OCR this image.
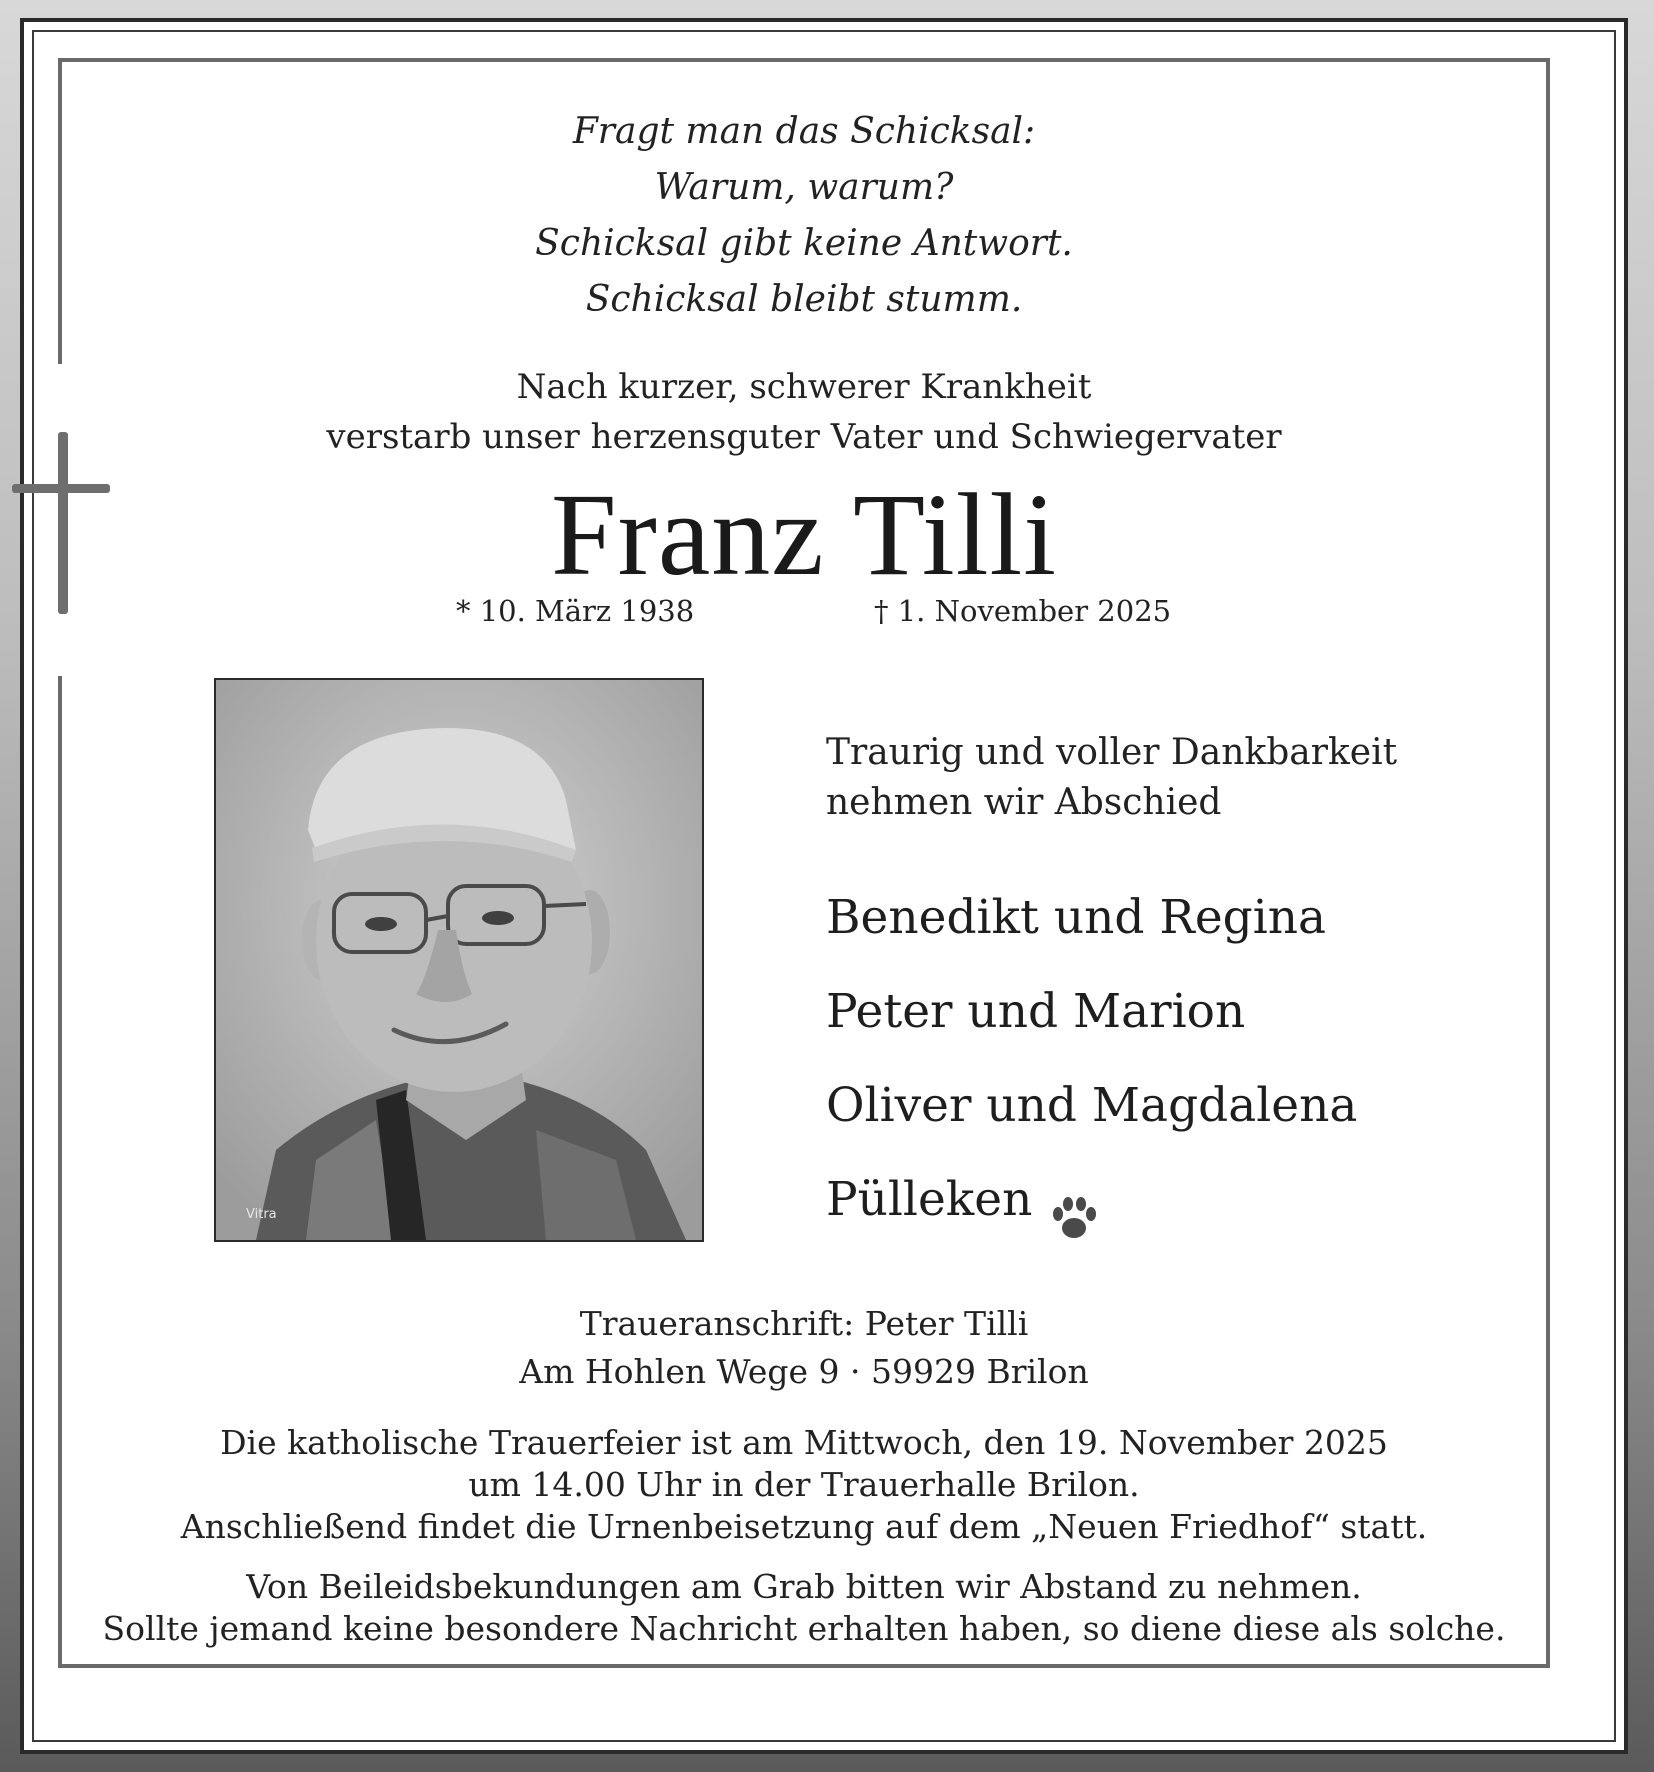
Fragt man das Schicksal:
Warum, warum?
Schicksal gibt keine Antwort.
Schicksal bleibt stumm.
Nach kurzer, schwerer Krankheit
verstarb unser herzensguter Vater und Schwiegervater
Franz Tilli
* 10. März 1938	† 1. November 2025
Vitra
Traurig und voller Dankbarkeit
nehmen wir Abschied
Benedikt und Regina
Peter und Marion
Oliver und Magdalena
Pülleken
Traueranschrift: Peter Tilli
Am Hohlen Wege 9 · 59929 Brilon
Die katholische Trauerfeier ist am Mittwoch, den 19. November 2025
um 14.00 Uhr in der Trauerhalle Brilon.
Anschließend findet die Urnenbeisetzung auf dem „Neuen Friedhof“ statt.
Von Beileidsbekundungen am Grab bitten wir Abstand zu nehmen.
Sollte jemand keine besondere Nachricht erhalten haben, so diene diese als solche.
